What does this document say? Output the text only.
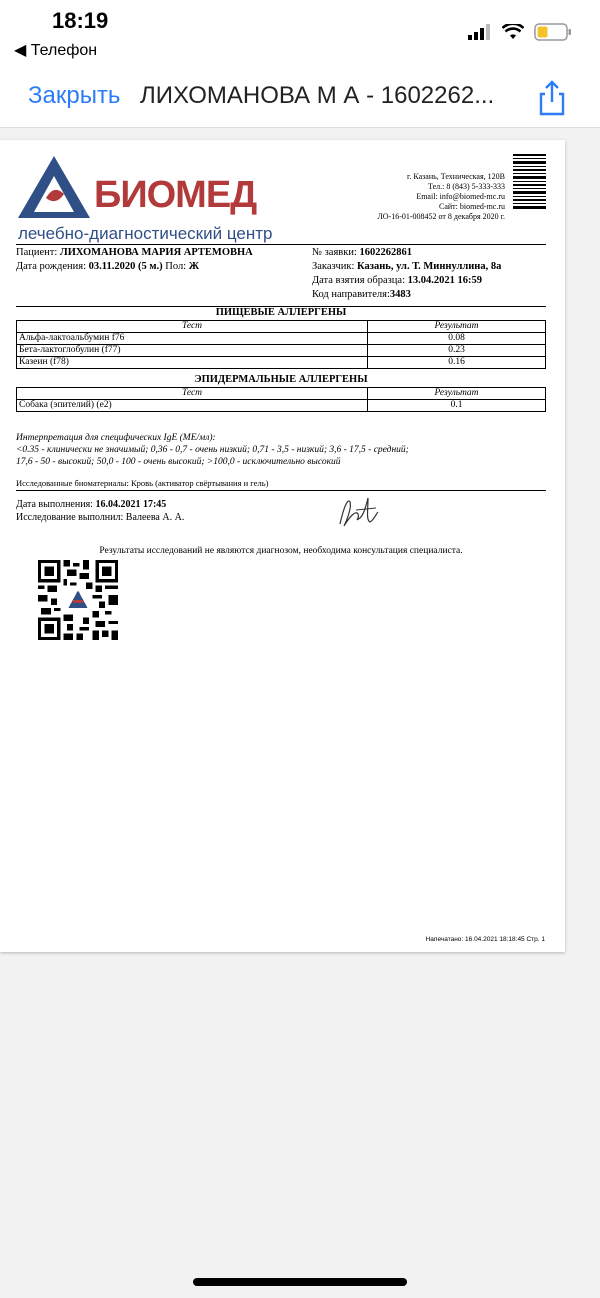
18:19
◀ Телефон
Закрыть ЛИХОМАНОВА М А - 1602262...
БИОМЕД
лечебно-диагностический центр
г. Казань, Техническая, 120В
Тел.: 8 (843) 5-333-333
Email: info@biomed-mc.ru
Сайт: biomed-mc.ru
ЛО-16-01-008452 от 8 декабря 2020 г.
Пациент: ЛИХОМАНОВА МАРИЯ АРТЕМОВНА
Дата рождения: 03.11.2020 (5 м.) Пол: Ж
№ заявки: 1602262861
Заказчик: Казань, ул. Т. Миннуллина, 8а
Дата взятия образца: 13.04.2021 16:59
Код направителя:3483
ПИЩЕВЫЕ АЛЛЕРГЕНЫ
Тест	Результат
Альфа-лактоальбумин f76	0.08
Бета-лактоглобулин (f77)	0.23
Казеин (f78)	0.16
ЭПИДЕРМАЛЬНЫЕ АЛЛЕРГЕНЫ
Тест	Результат
Собака (эпителий) (e2)	0.1
Интерпретация для специфических IgE (МЕ/мл):
<0.35 - клинически не значимый; 0,36 - 0,7 - очень низкий; 0,71 - 3,5 - низкий; 3,6 - 17,5 - средний;
17,6 - 50 - высокий; 50,0 - 100 - очень высокий; >100,0 - исключительно высокий
Исследованные биоматериалы: Кровь (активатор свёртывания и гель)
Дата выполнения: 16.04.2021 17:45
Исследование выполнил: Валеева А. А.
Результаты исследований не являются диагнозом, необходима консультация специалиста.
Напечатано: 16.04.2021 18:18:45 Стр. 1
